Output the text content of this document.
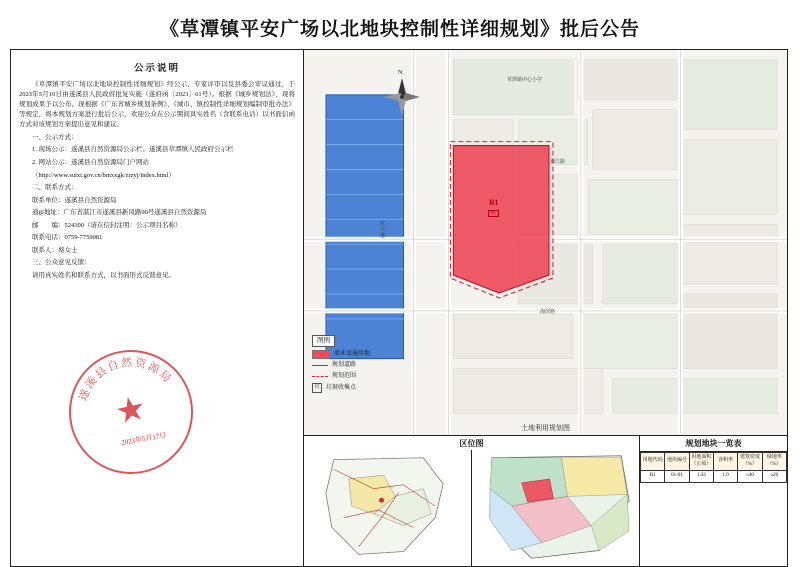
《草潭镇平安广场以北地块控制性详细规划》批后公告
公示说明

《草潭镇平安广场以北地块控制性详细规划》经公示、专家评审以及县委会审议通过，于2023年5月10日由遂溪县人民政府批复实施（遂府函〔2023〕61号）。根据《城乡规划法》、现将规划成果予以公布。现根据《广东省城乡规划条例》、《城市、镇控制性详细规划编制审批办法》等规定，将本规划方案进行批后公示，欢迎公众在公示期间具实姓名（含联系电话）以书面信函方式对该规划方案提出意见和建议。

一、公示方式：

1. 现场公示：遂溪县自然资源局公示栏、遂溪县草潭镇人民政府公示栏

2. 网站公示：遂溪县自然资源局门户网站

（http://www.suixi.gov.cn/bmxxgk/zrzyj/index.html）

二、联系方式：

联系单位：遂溪县自然资源局

通დ地址：广东省湛江市遂溪县新凤路90号遂溪县自然资源局

邮　　编：524300（请在信封注明：公示项目名称）

联系电话：0759-7759081

联系人：蔡女士

三、公众意见反馈：

请用真实姓名和联系方式，以书面形式反馈意见。

★
遂溪县自然资源局
2023年5月17日
N
草潭镇中心小学
新江路
海滨路
北 大 道
B1
01
图例
商业设施用地
规划道路
规划范围
垃	垃圾收集点
土地利用规划图
区位图	规划地块一览表
用地代码	地块编号	用地面积（公顷）	容积率	建筑密度（%）	绿地率（%）
B1	01-01	1.43	1.0	≤40	≥20
